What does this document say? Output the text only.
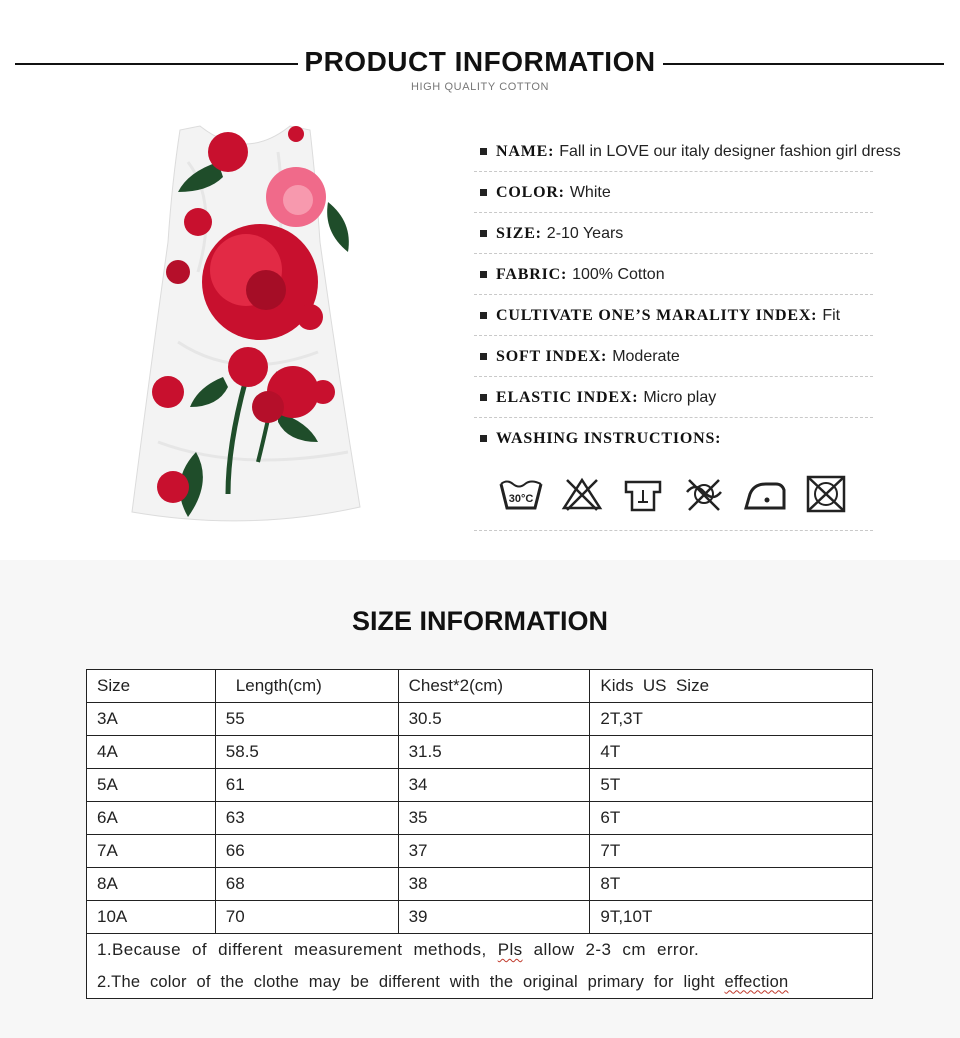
PRODUCT INFORMATION
HIGH QUALITY COTTON
NAME: Fall in LOVE our italy designer fashion girl dress
COLOR: White
SIZE: 2-10 Years
FABRIC: 100% Cotton
CULTIVATE ONE’S MARALITY INDEX: Fit
SOFT INDEX: Moderate
ELASTIC INDEX: Micro play
WASHING INSTRUCTIONS:
30°C
SIZE INFORMATION
Size	Length(cm)	Chest*2(cm)	Kids  US  Size
3A	55	30.5	2T,3T
4A	58.5	31.5	4T
5A	61	34	5T
6A	63	35	6T
7A	66	37	7T
8A	68	38	8T
10A	70	39	9T,10T
1.Because of different measurement methods, Pls allow 2-3 cm error.			
2.The color of the clothe may be different with the original primary for light effection			
